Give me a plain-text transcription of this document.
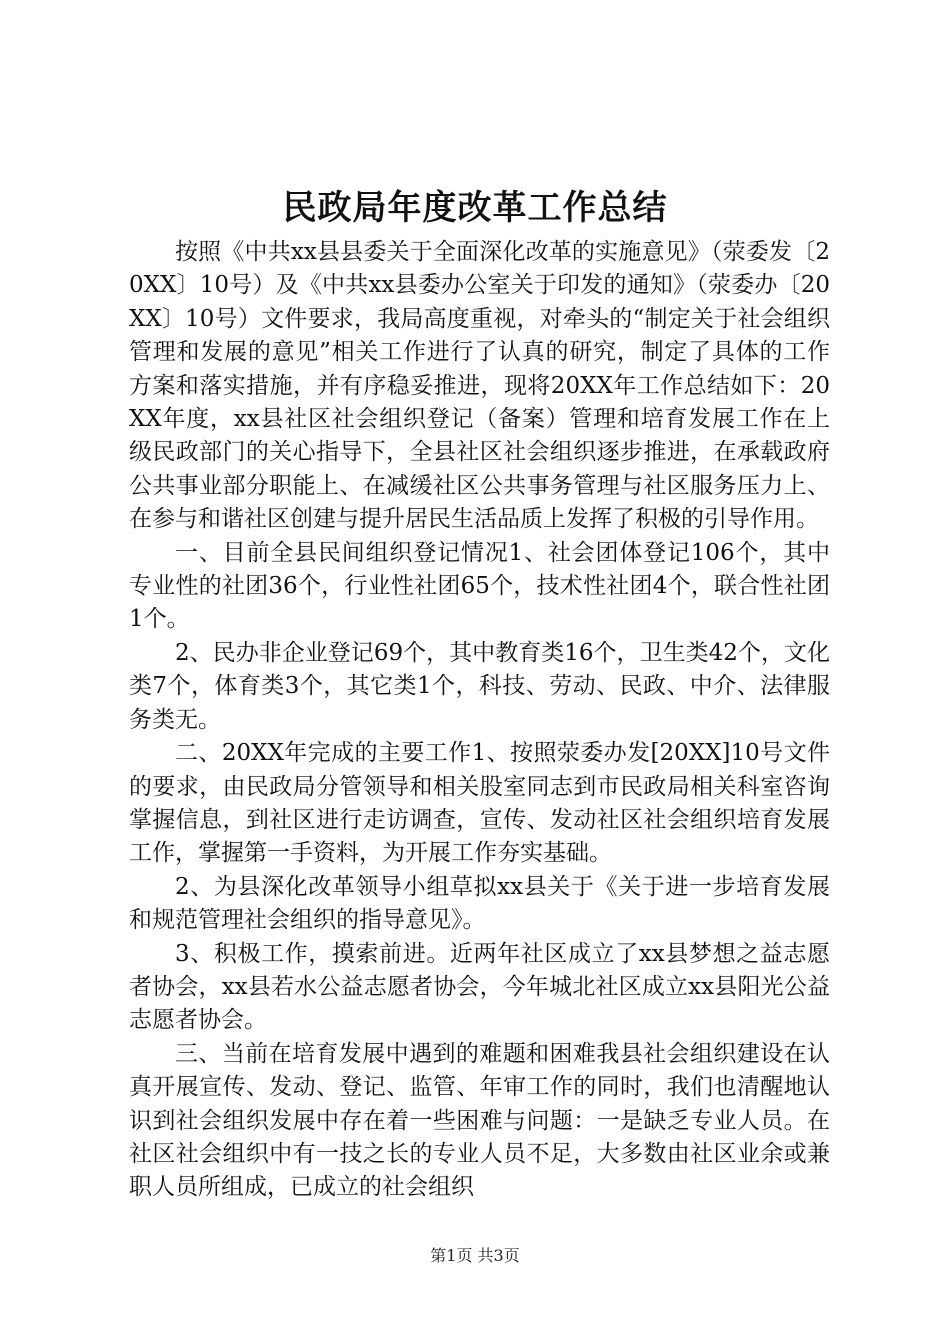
民政局年度改革工作总结

按照《中共xx县县委关于全面深化改革的实施意见》（荥委发〔20XX〕10号）及《中共xx县委办公室关于印发的通知》（荥委办〔20XX〕10号）文件要求，我局高度重视，对牵头的“制定关于社会组织管理和发展的意见”相关工作进行了认真的研究，制定了具体的工作方案和落实措施，并有序稳妥推进，现将20XX年工作总结如下：20XX年度，xx县社区社会组织登记（备案）管理和培育发展工作在上级民政部门的关心指导下，全县社区社会组织逐步推进，在承载政府公共事业部分职能上、在减缓社区公共事务管理与社区服务压力上、在参与和谐社区创建与提升居民生活品质上发挥了积极的引导作用。

一、目前全县民间组织登记情况1、社会团体登记106个，其中专业性的社团36个，行业性社团65个，技术性社团4个，联合性社团1个。

2、民办非企业登记69个，其中教育类16个，卫生类42个，文化类7个，体育类3个，其它类1个，科技、劳动、民政、中介、法律服务类无。

二、20XX年完成的主要工作1、按照荥委办发[20XX]10号文件的要求，由民政局分管领导和相关股室同志到市民政局相关科室咨询掌握信息，到社区进行走访调查，宣传、发动社区社会组织培育发展工作，掌握第一手资料，为开展工作夯实基础。

2、为县深化改革领导小组草拟xx县关于《关于进一步培育发展和规范管理社会组织的指导意见》。

3、积极工作，摸索前进。近两年社区成立了xx县梦想之益志愿者协会，xx县若水公益志愿者协会，今年城北社区成立xx县阳光公益志愿者协会。

三、当前在培育发展中遇到的难题和困难我县社会组织建设在认真开展宣传、发动、登记、监管、年审工作的同时，我们也清醒地认识到社会组织发展中存在着一些困难与问题：一是缺乏专业人员。在社区社会组织中有一技之长的专业人员不足，大多数由社区业余或兼职人员所组成，已成立的社会组织

第1页 共3页
